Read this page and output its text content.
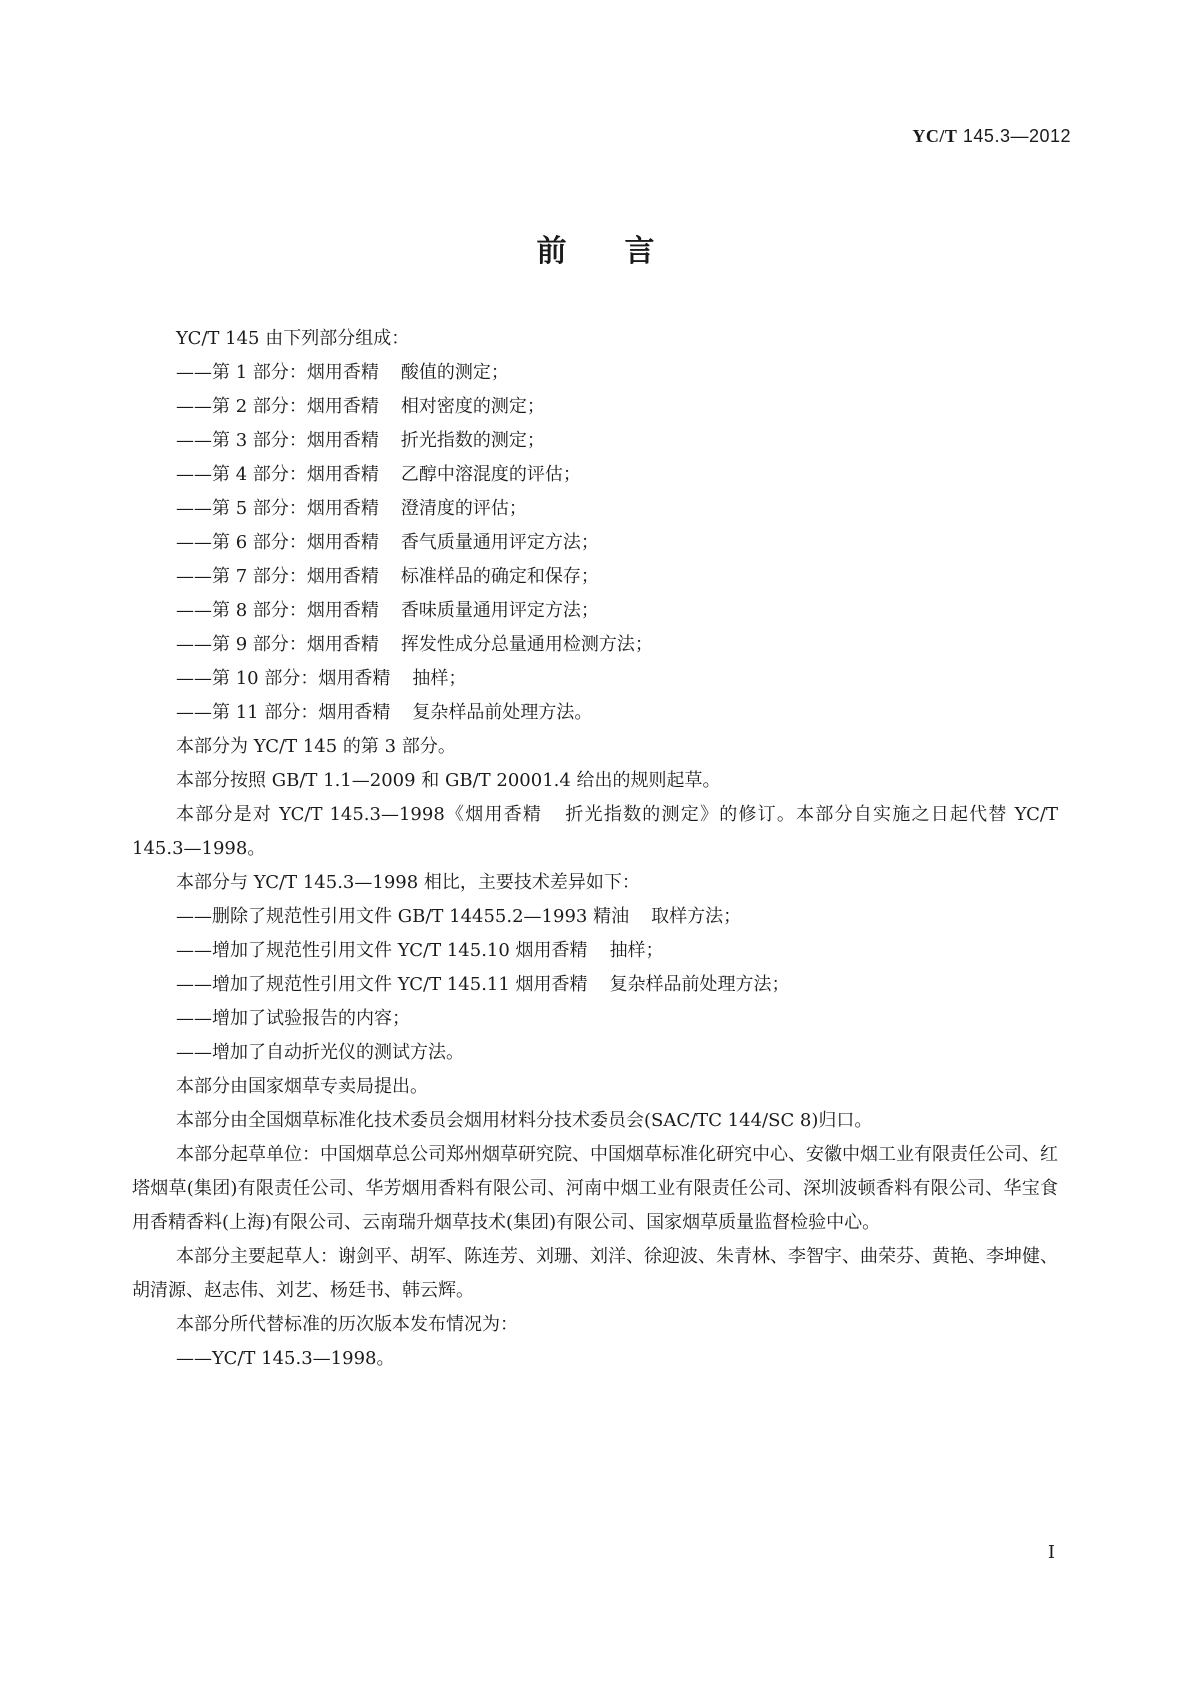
YC/T 145.3—2012
前言

YC/T 145 由下列部分组成：

——第 1 部分：烟用香精 酸值的测定；

——第 2 部分：烟用香精 相对密度的测定；

——第 3 部分：烟用香精 折光指数的测定；

——第 4 部分：烟用香精 乙醇中溶混度的评估；

——第 5 部分：烟用香精 澄清度的评估；

——第 6 部分：烟用香精 香气质量通用评定方法；

——第 7 部分：烟用香精 标准样品的确定和保存；

——第 8 部分：烟用香精 香味质量通用评定方法；

——第 9 部分：烟用香精 挥发性成分总量通用检测方法；

——第 10 部分：烟用香精 抽样；

——第 11 部分：烟用香精 复杂样品前处理方法。

本部分为 YC/T 145 的第 3 部分。

本部分按照 GB/T 1.1—2009 和 GB/T 20001.4 给出的规则起草。

本部分是对 YC/T 145.3—1998《烟用香精 折光指数的测定》的修订。本部分自实施之日起代替 YC/T 145.3—1998。

本部分与 YC/T 145.3—1998 相比，主要技术差异如下：

——删除了规范性引用文件 GB/T 14455.2—1993 精油 取样方法；

——增加了规范性引用文件 YC/T 145.10 烟用香精 抽样；

——增加了规范性引用文件 YC/T 145.11 烟用香精 复杂样品前处理方法；

——增加了试验报告的内容；

——增加了自动折光仪的测试方法。

本部分由国家烟草专卖局提出。

本部分由全国烟草标准化技术委员会烟用材料分技术委员会(SAC/TC 144/SC 8)归口。

本部分起草单位：中国烟草总公司郑州烟草研究院、中国烟草标准化研究中心、安徽中烟工业有限责任公司、红塔烟草(集团)有限责任公司、华芳烟用香料有限公司、河南中烟工业有限责任公司、深圳波顿香料有限公司、华宝食用香精香料(上海)有限公司、云南瑞升烟草技术(集团)有限公司、国家烟草质量监督检验中心。

本部分主要起草人：谢剑平、胡军、陈连芳、刘珊、刘洋、徐迎波、朱青林、李智宇、曲荣芬、黄艳、李坤健、胡清源、赵志伟、刘艺、杨廷书、韩云辉。

本部分所代替标准的历次版本发布情况为：

——YC/T 145.3—1998。

I
